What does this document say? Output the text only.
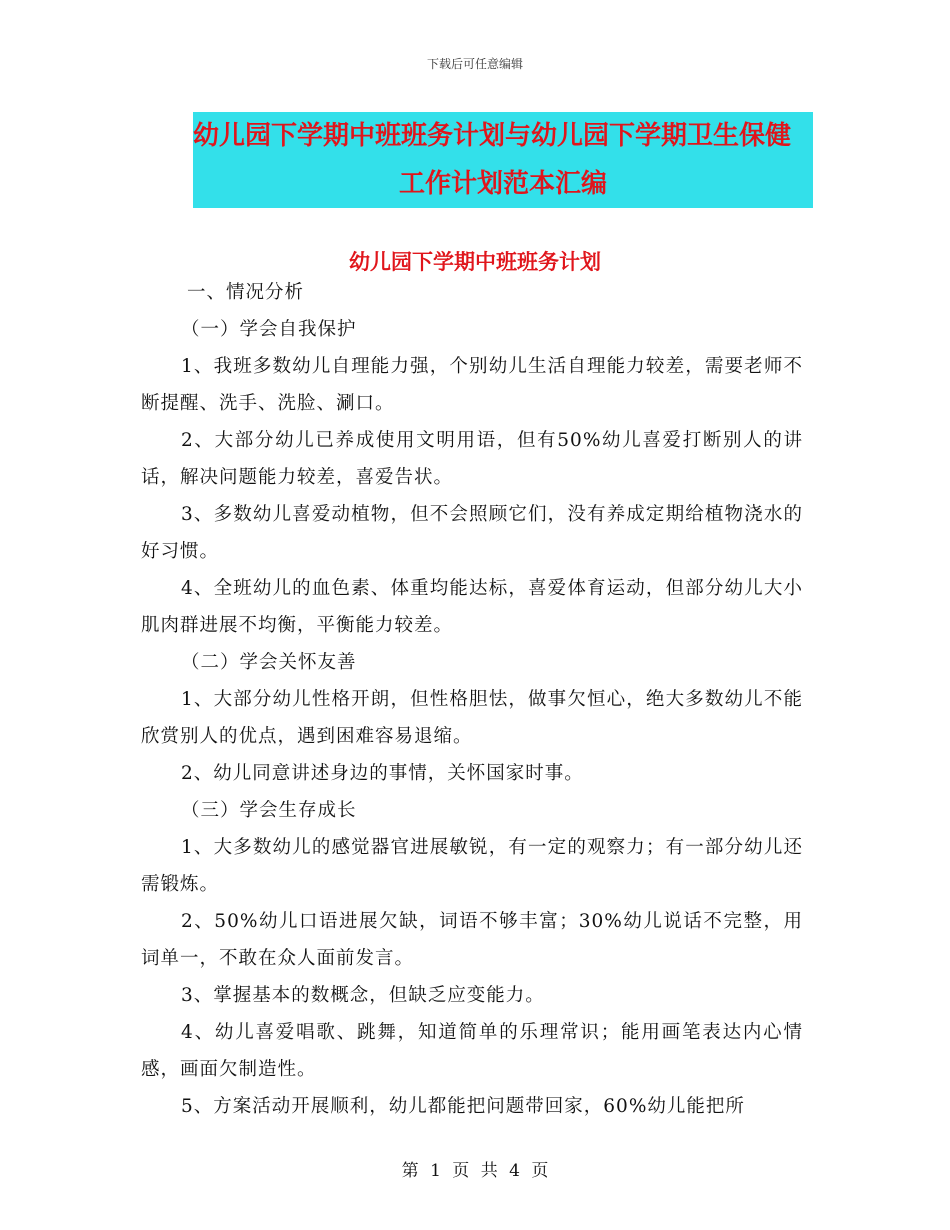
下载后可任意编辑
幼儿园下学期中班班务计划与幼儿园下学期卫生保健
工作计划范本汇编
幼儿园下学期中班班务计划

一、情况分析

（一）学会自我保护

1、我班多数幼儿自理能力强，个别幼儿生活自理能力较差，需要老师不断提醒、洗手、洗脸、涮口。

2、大部分幼儿已养成使用文明用语，但有50%幼儿喜爱打断别人的讲话，解决问题能力较差，喜爱告状。

3、多数幼儿喜爱动植物，但不会照顾它们，没有养成定期给植物浇水的好习惯。

4、全班幼儿的血色素、体重均能达标，喜爱体育运动，但部分幼儿大小肌肉群进展不均衡，平衡能力较差。

（二）学会关怀友善

1、大部分幼儿性格开朗，但性格胆怯，做事欠恒心，绝大多数幼儿不能欣赏别人的优点，遇到困难容易退缩。

2、幼儿同意讲述身边的事情，关怀国家时事。

（三）学会生存成长

1、大多数幼儿的感觉器官进展敏锐，有一定的观察力；有一部分幼儿还需锻炼。

2、50%幼儿口语进展欠缺，词语不够丰富；30%幼儿说话不完整，用词单一，不敢在众人面前发言。

3、掌握基本的数概念，但缺乏应变能力。

4、幼儿喜爱唱歌、跳舞，知道简单的乐理常识；能用画笔表达内心情感，画面欠制造性。

5、方案活动开展顺利，幼儿都能把问题带回家，60%幼儿能把所

第 1 页 共 4 页
